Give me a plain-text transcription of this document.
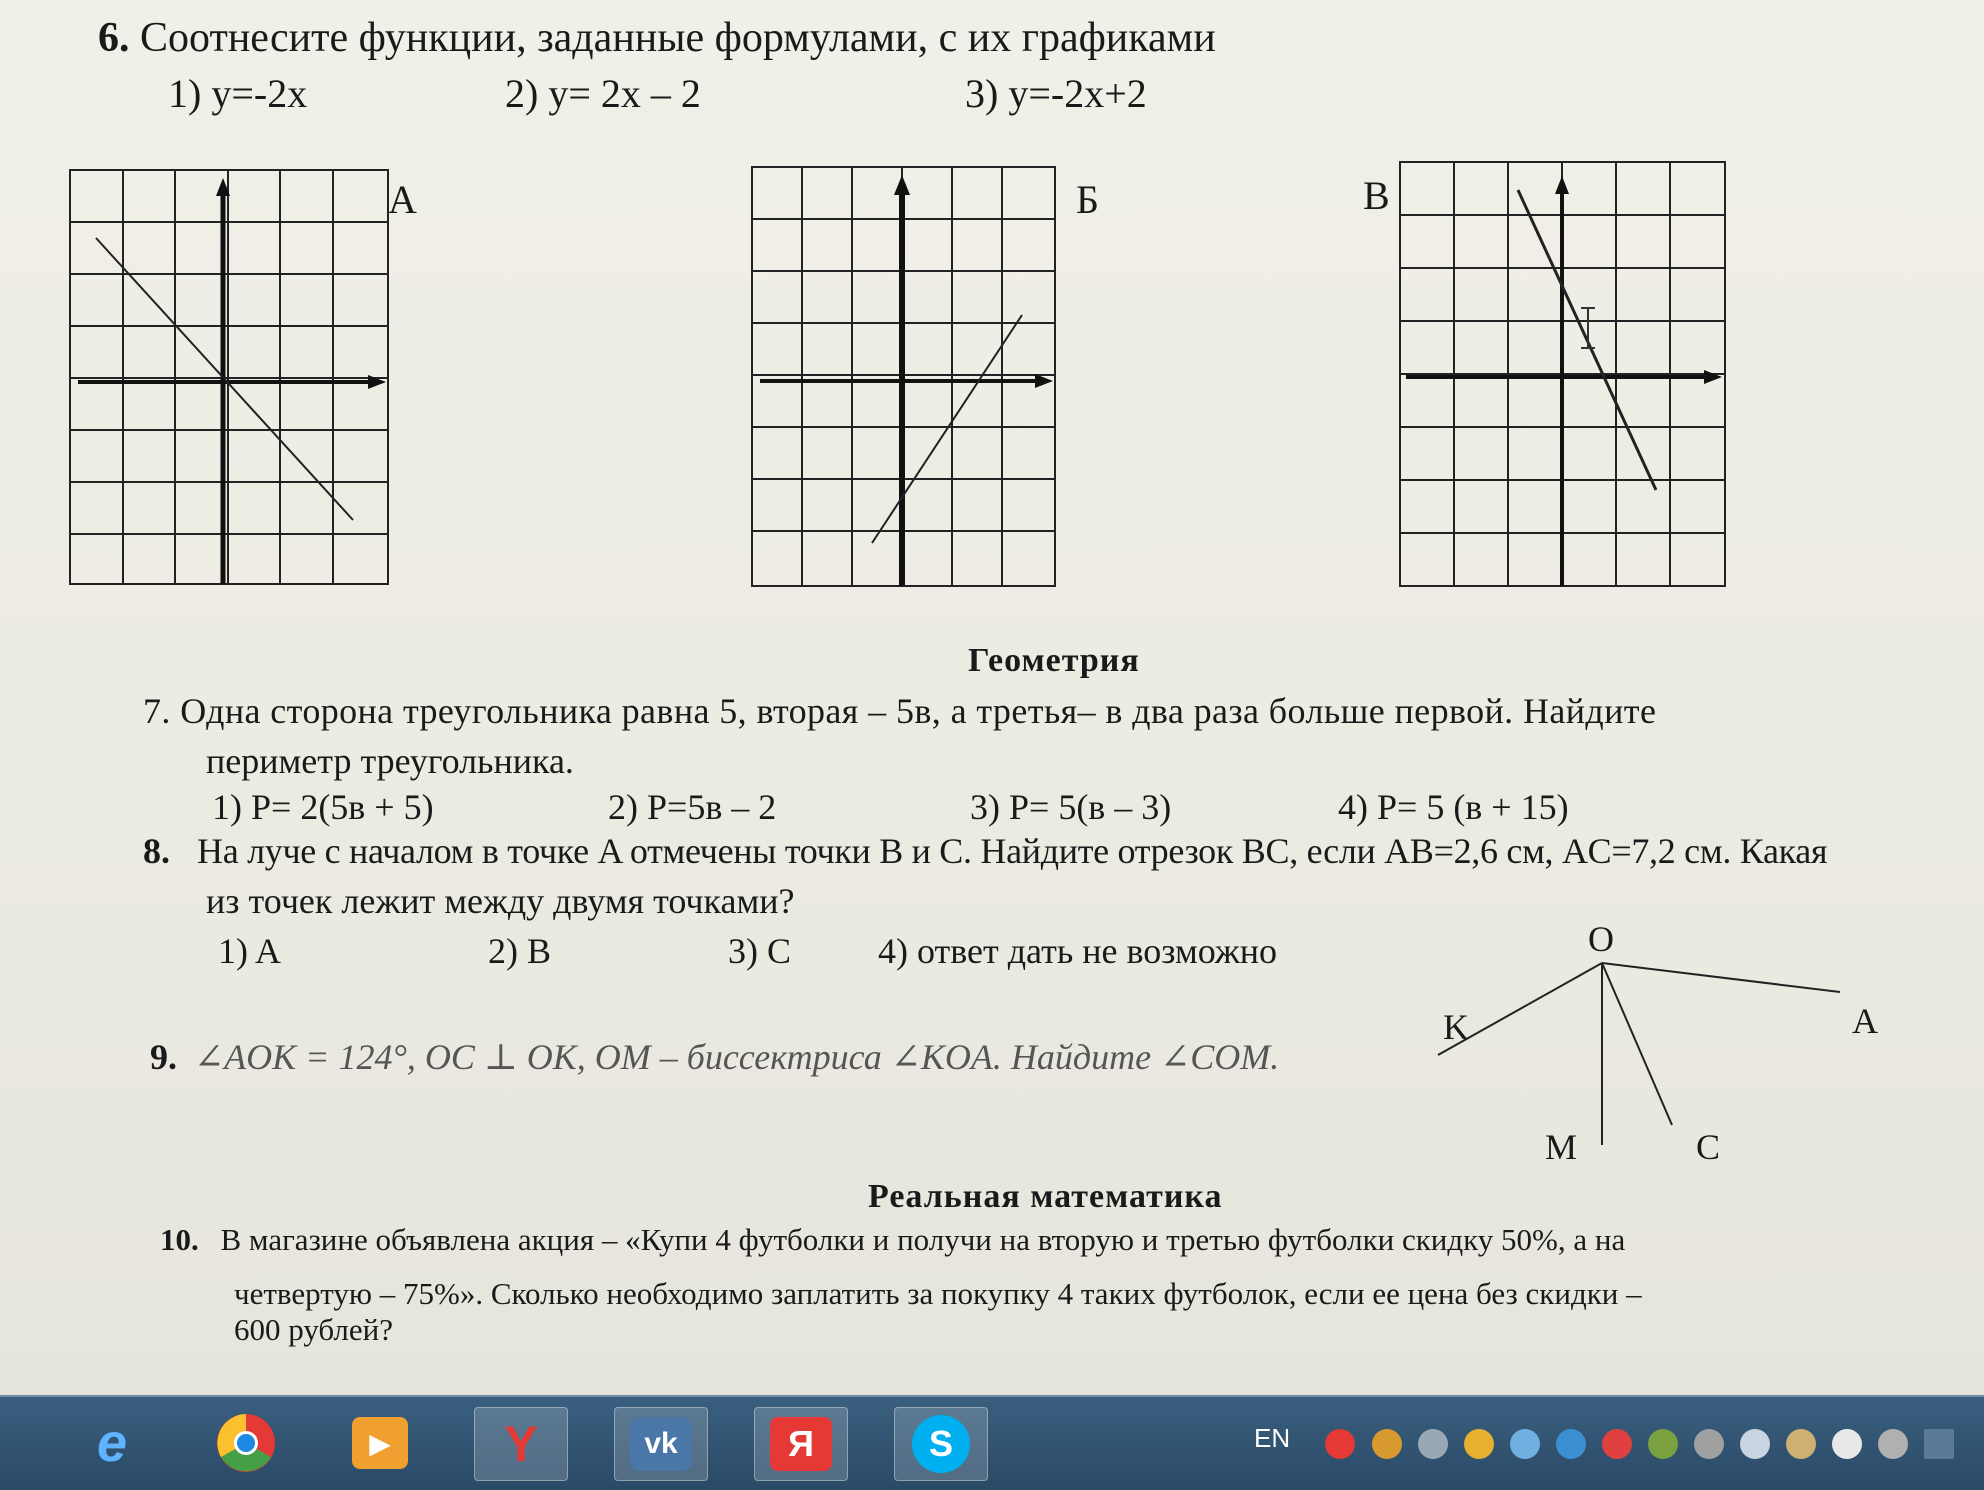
6. Соотнесите функции, заданные формулами, с их графиками
1) y=-2x	2) y= 2x – 2	3) y=-2x+2
А	Б	В
Геометрия
7. Одна сторона треугольника равна 5, вторая – 5в, а третья– в два раза больше первой. Найдите
периметр треугольника.
1) P= 2(5в + 5)	2) P=5в – 2	3) P= 5(в – 3)	4) P= 5 (в + 15)
8. На луче с началом в точке A отмечены точки B и C. Найдите отрезок BC, если AB=2,6 см, AC=7,2 см. Какая
из точек лежит между двумя точками?
1) A	2) B	3) C 4) ответ дать не возможно
9. ∠AOK = 124°, OC ⊥ OK, OM – биссектриса ∠KOA. Найдите ∠COM.
O
K	A
M	C
Реальная математика
10. В магазине объявлена акция – «Купи 4 футболки и получи на вторую и третью футболки скидку 50%, а на
четвертую – 75%». Сколько необходимо заплатить за покупку 4 таких футболок, если ее цена без скидки –
600 рублей?
e	▶	Y	vk	Я	S	EN
